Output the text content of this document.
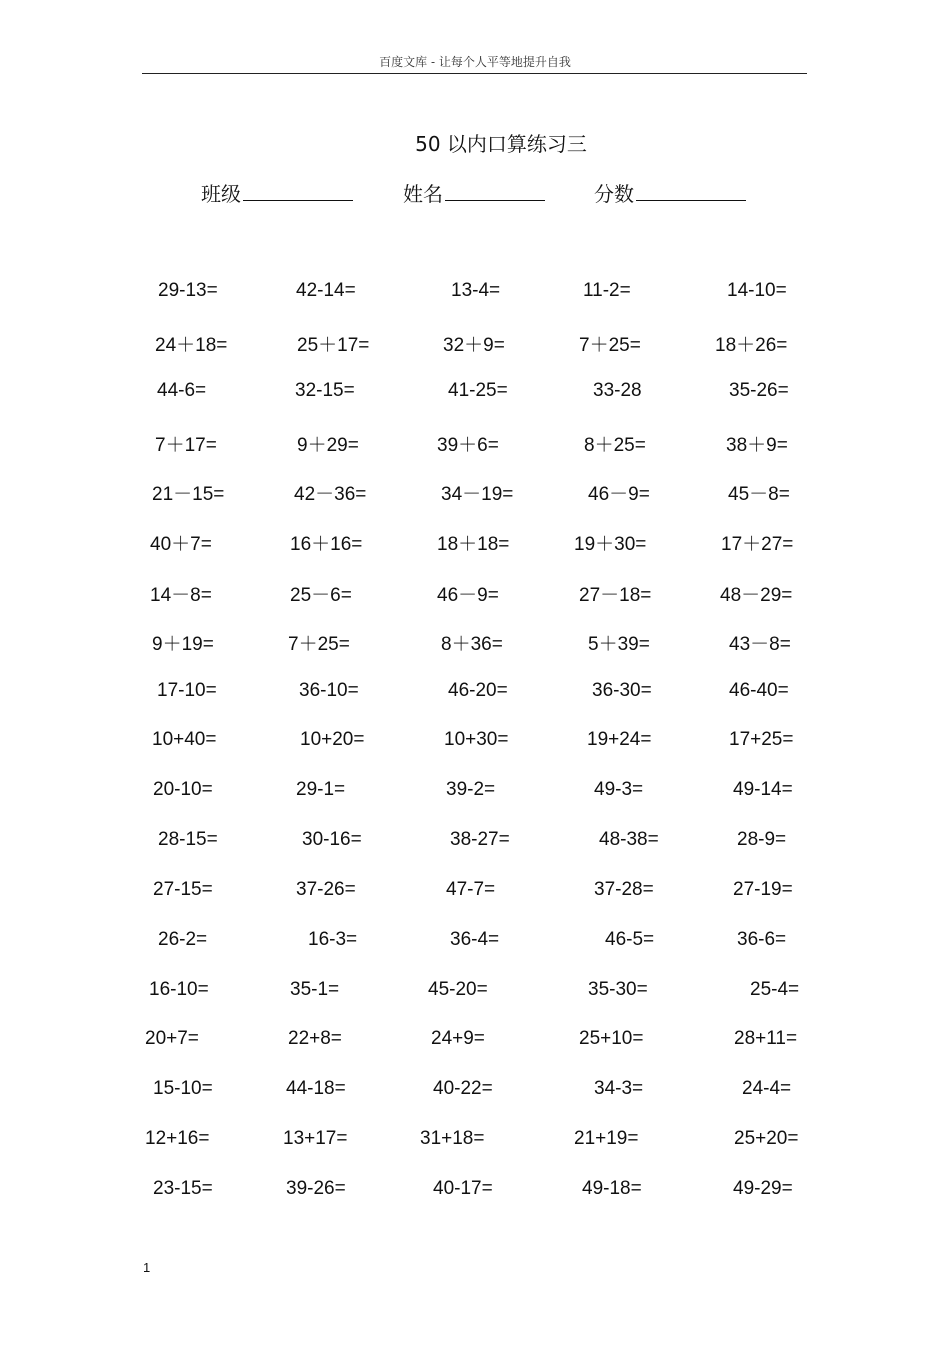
百度文库 - 让每个人平等地提升自我
50 以内口算练习三
班级	姓名	分数
29-13=	42-14=	13-4=	11-2=	14-10=
24＋18=	25＋17=	32＋9=	7＋25=	18＋26=
44-6=	32-15=	41-25=	33-28	35-26=
7＋17=	9＋29=	39＋6=	8＋25=	38＋9=
21－15=	42－36=	34－19=	46－9=	45－8=
40＋7=	16＋16=	18＋18=	19＋30=	17＋27=
14－8=	25－6=	46－9=	27－18=	48－29=
9＋19=	7＋25=	8＋36=	5＋39=	43－8=
17-10=	36-10=	46-20=	36-30=	46-40=
10+40=	10+20=	10+30=	19+24=	17+25=
20-10=	29-1=	39-2=	49-3=	49-14=
28-15=	30-16=	38-27=	48-38=	28-9=
27-15=	37-26=	47-7=	37-28=	27-19=
26-2=	16-3=	36-4=	46-5=	36-6=
16-10=	35-1=	45-20=	35-30=	25-4=
20+7=	22+8=	24+9=	25+10=	28+11=
15-10=	44-18=	40-22=	34-3=	24-4=
12+16=	13+17=	31+18=	21+19=	25+20=
23-15=	39-26=	40-17=	49-18=	49-29=
1
